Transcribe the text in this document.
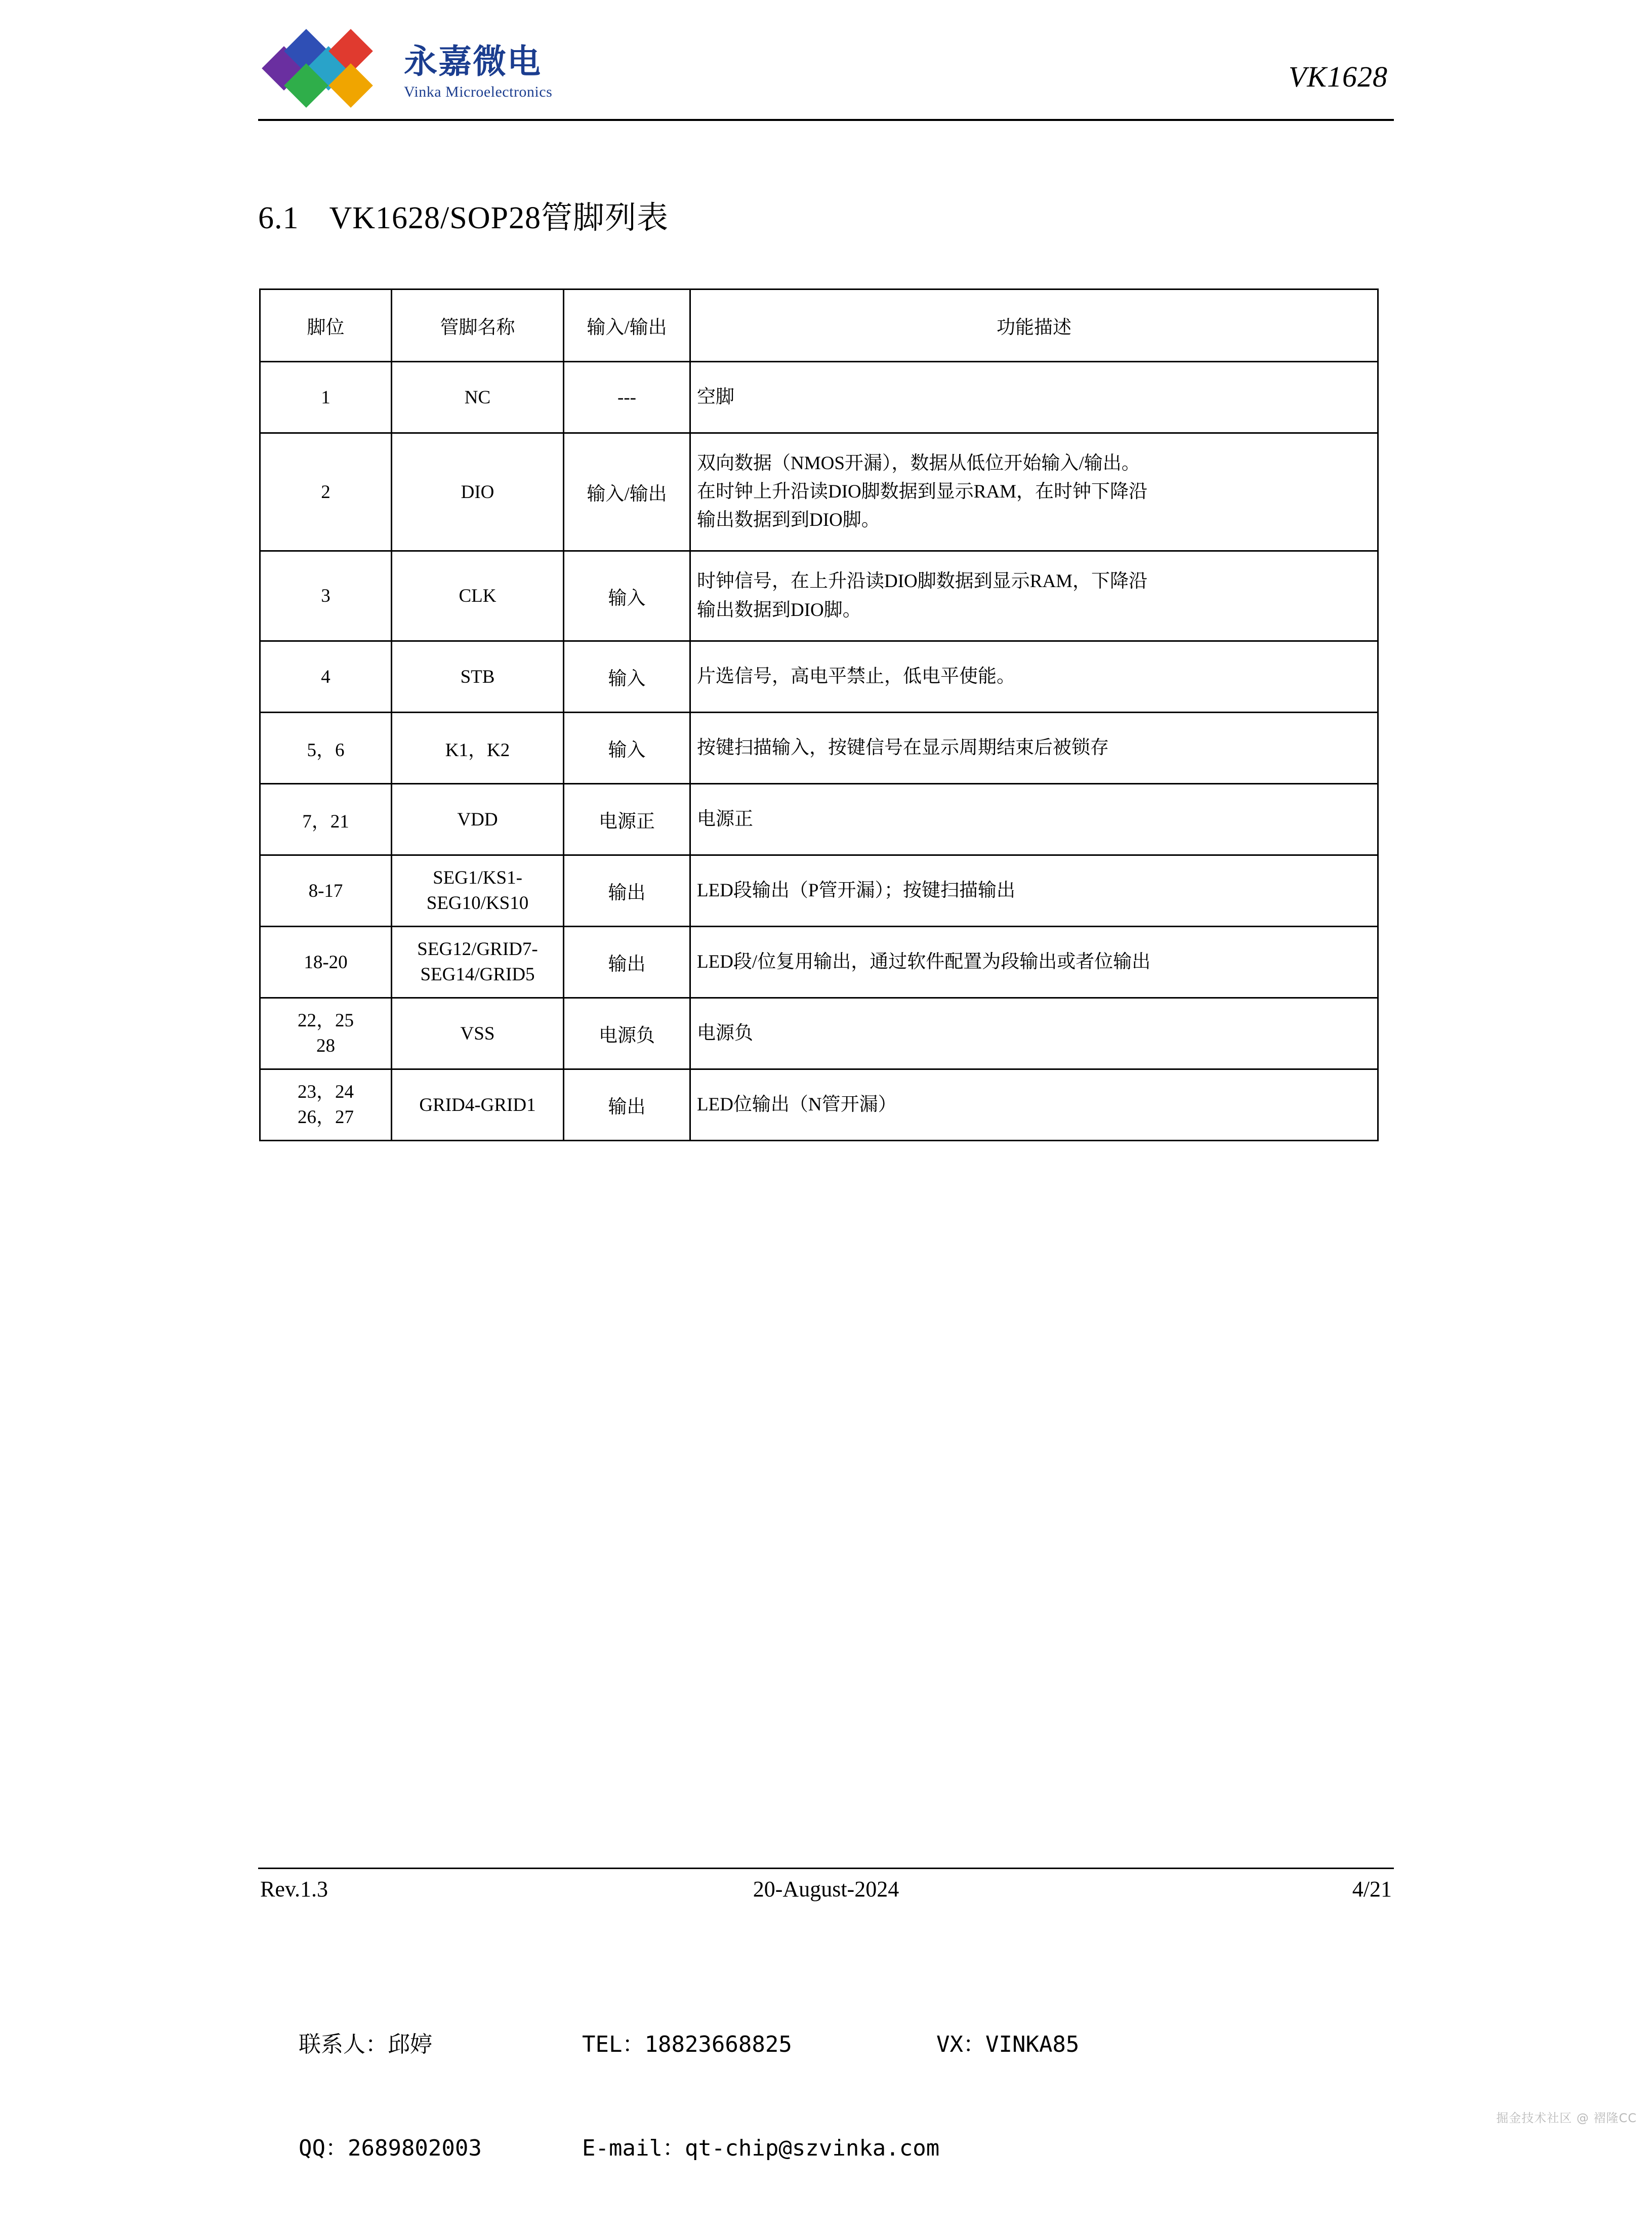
永嘉微电
Vinka Microelectronics	VK1628
6.1 VK1628/SOP28管脚列表
脚位	管脚名称	输入/输出	功能描述
1	NC	---	空脚

2	DIO	输入/输出	双向数据（NMOS开漏），数据从低位开始输入/输出。
在时钟上升沿读DIO脚数据到显示RAM，在时钟下降沿
输出数据到到DIO脚。

3	CLK	输入	时钟信号，在上升沿读DIO脚数据到显示RAM，下降沿
输出数据到DIO脚。

4	STB	输入	片选信号，高电平禁止，低电平使能。

5，6	K1，K2	输入	按键扫描输入，按键信号在显示周期结束后被锁存

7，21	VDD	电源正	电源正

8-17	SEG1/KS1-
SEG10/KS10	输出	LED段输出（P管开漏）；按键扫描输出

18-20	SEG12/GRID7-
SEG14/GRID5	输出	LED段/位复用输出，通过软件配置为段输出或者位输出

22，25
28	VSS	电源负	电源负

23，24
26，27	GRID4-GRID1	输出	LED位输出（N管开漏）
Rev.1.3	20-August-2024	4/21

联系人：邱婷	TEL：18823668825	VX：VINKA85

QQ：2689802003	E-mail：qt-chip@szvinka.com

掘金技术社区 @ 褶隆CC
